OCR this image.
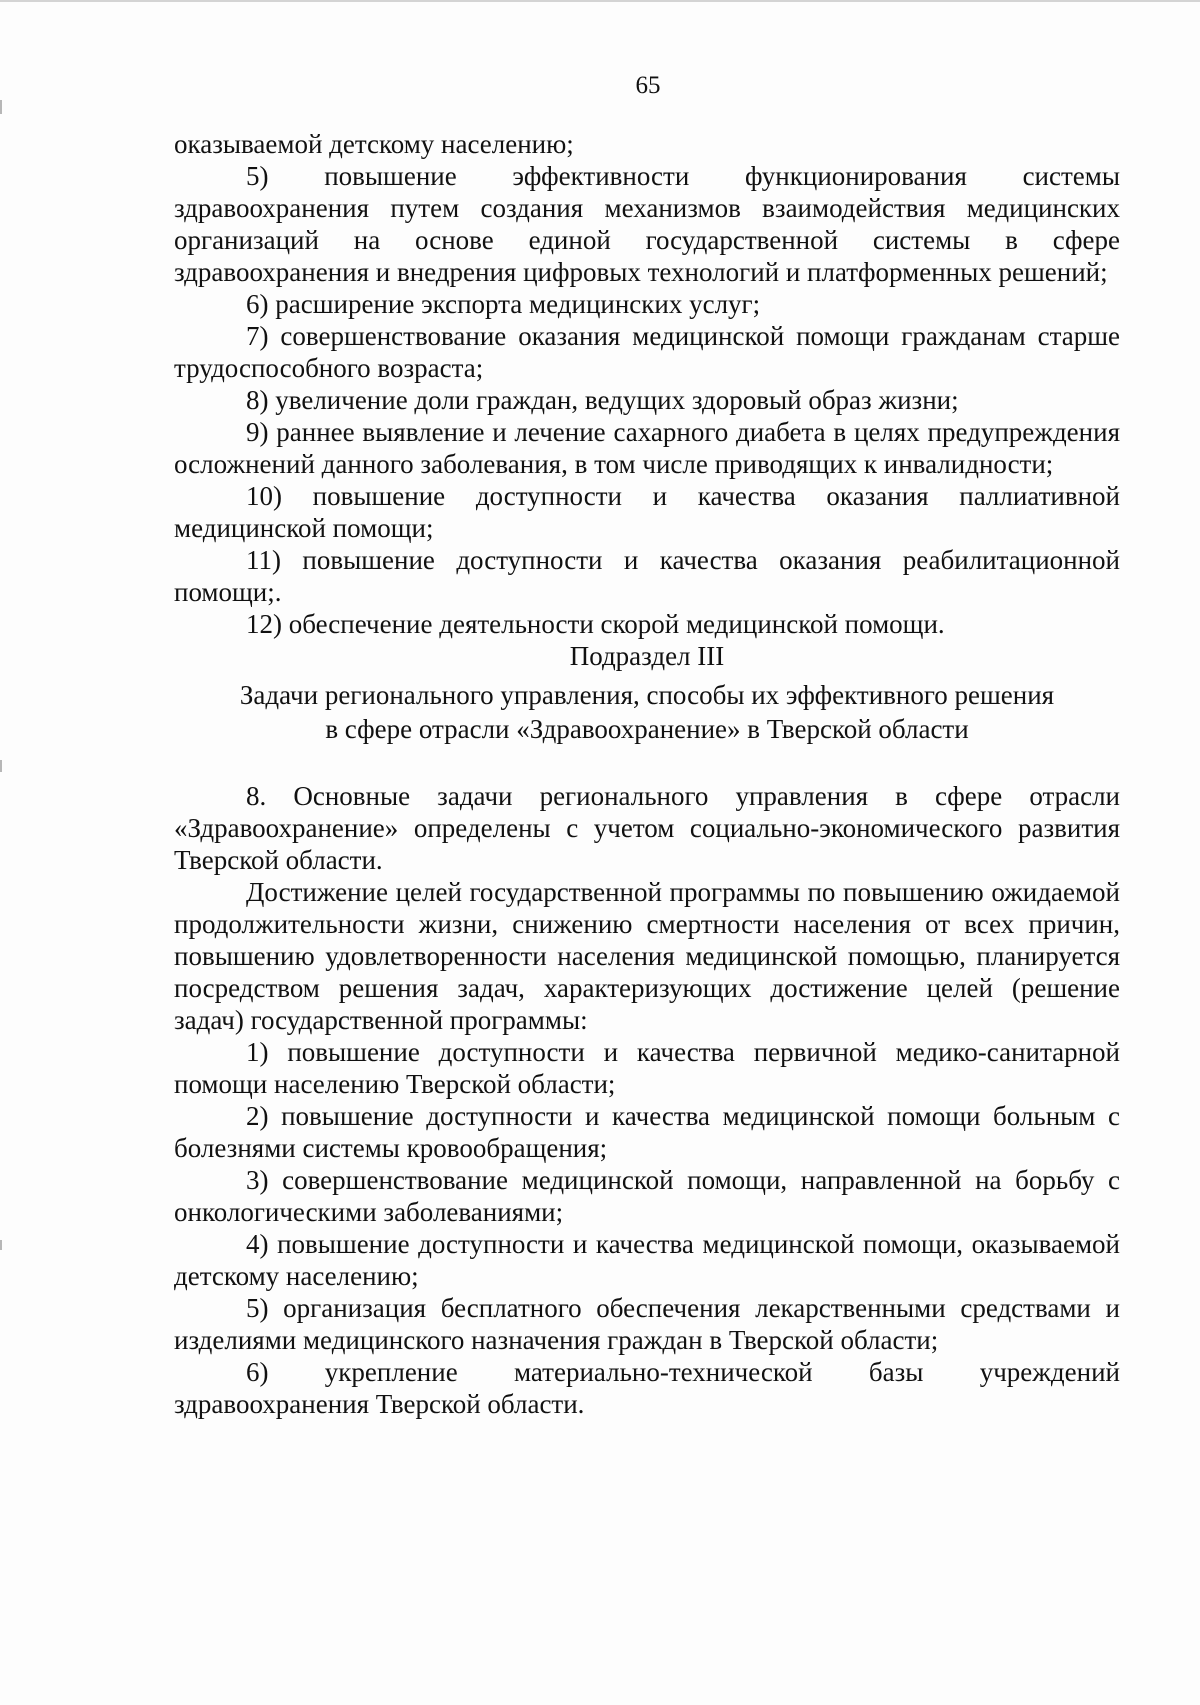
65

оказываемой детскому населению;

5) повышение эффективности функционирования системы здравоохранения путем создания механизмов взаимодействия медицинских организаций на основе единой государственной системы в сфере здравоохранения и внедрения цифровых технологий и платформенных решений;

6) расширение экспорта медицинских услуг;

7) совершенствование оказания медицинской помощи гражданам старше трудоспособного возраста;

8) увеличение доли граждан, ведущих здоровый образ жизни;

9) раннее выявление и лечение сахарного диабета в целях предупреждения осложнений данного заболевания, в том числе приводящих к инвалидности;

10) повышение доступности и качества оказания паллиативной медицинской помощи;

11) повышение доступности и качества оказания реабилитационной помощи;.

12) обеспечение деятельности скорой медицинской помощи.

Подраздел III

Задачи регионального управления, способы их эффективного решения

в сфере отрасли «Здравоохранение» в Тверской области

8. Основные задачи регионального управления в сфере отрасли «Здравоохранение» определены с учетом социально-экономического развития Тверской области.

Достижение целей государственной программы по повышению ожидаемой продолжительности жизни, снижению смертности населения от всех причин, повышению удовлетворенности населения медицинской помощью, планируется посредством решения задач, характеризующих достижение целей (решение задач) государственной программы:

1) повышение доступности и качества первичной медико-санитарной помощи населению Тверской области;

2) повышение доступности и качества медицинской помощи больным с болезнями системы кровообращения;

3) совершенствование медицинской помощи, направленной на борьбу с онкологическими заболеваниями;

4) повышение доступности и качества медицинской помощи, оказываемой детскому населению;

5) организация бесплатного обеспечения лекарственными средствами и изделиями медицинского назначения граждан в Тверской области;

6) укрепление материально-технической базы учреждений здравоохранения Тверской области.
